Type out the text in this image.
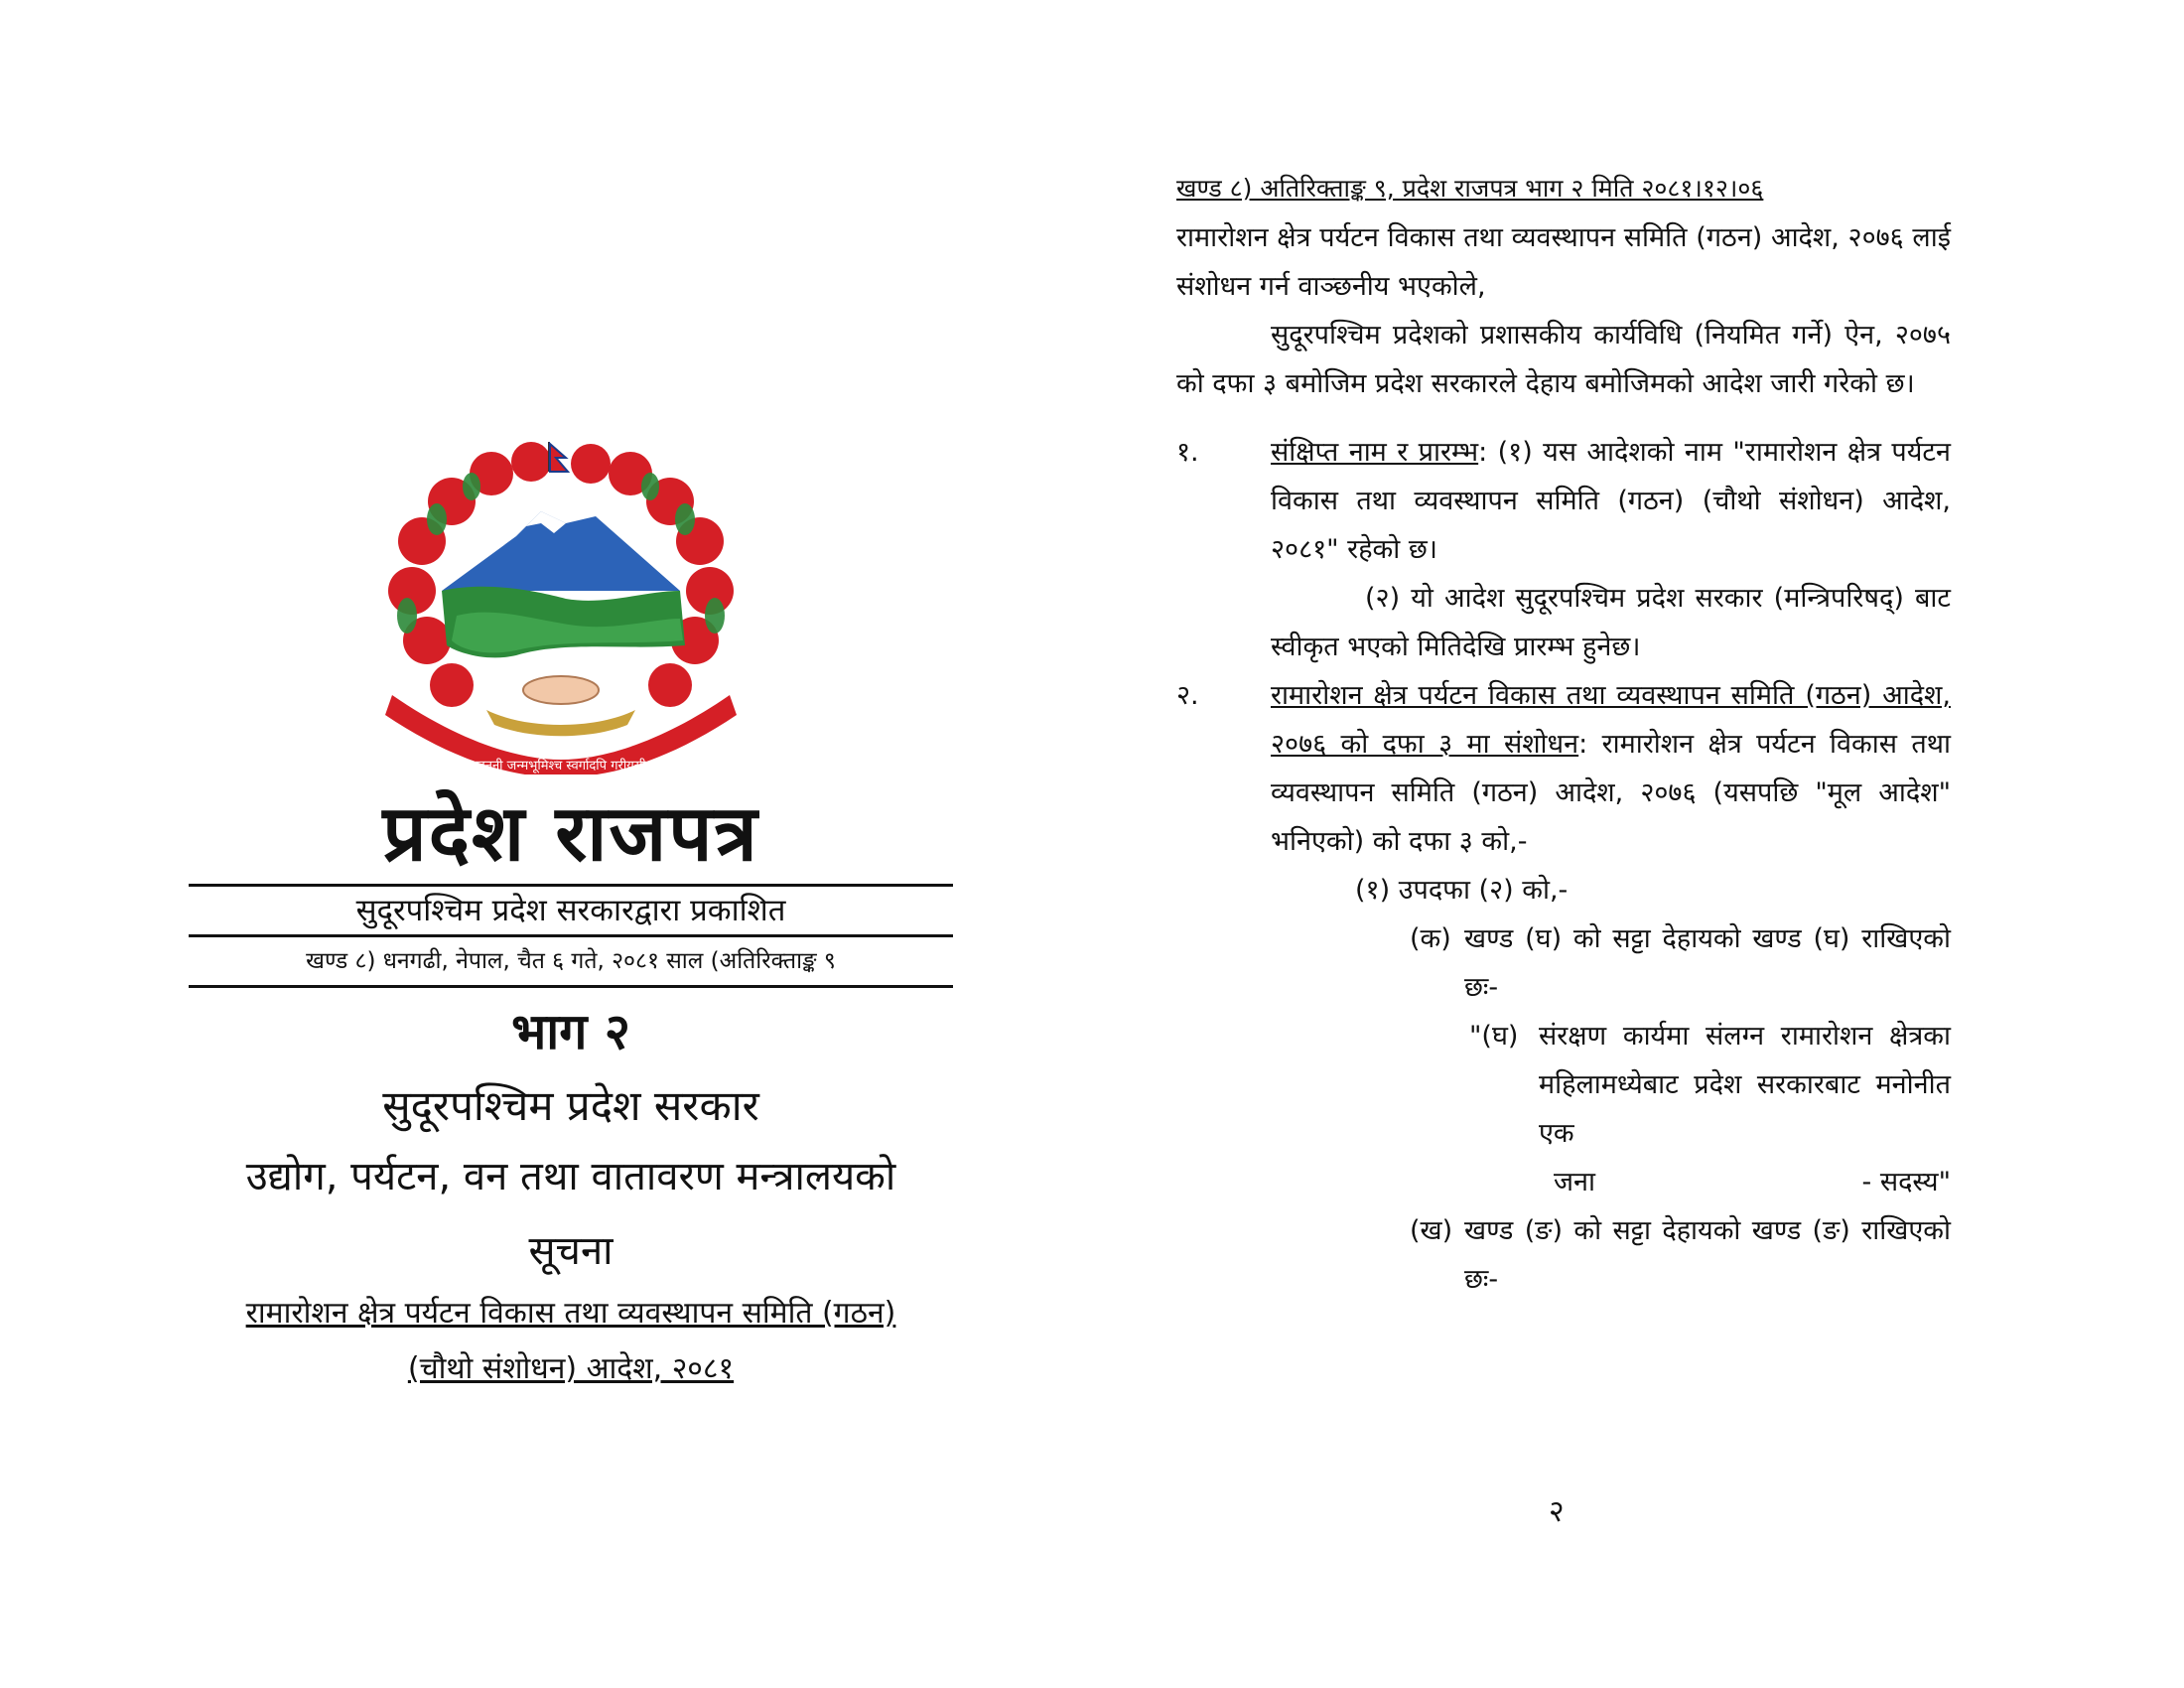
जननी जन्मभूमिश्च स्वर्गादपि गरीयसी
प्रदेश राजपत्र
सुदूरपश्चिम प्रदेश सरकारद्वारा प्रकाशित
खण्ड ८) धनगढी, नेपाल, चैत ६ गते, २०८१ साल (अतिरिक्ताङ्क ९
भाग २
सुदूरपश्चिम प्रदेश सरकार
उद्योग, पर्यटन, वन तथा वातावरण मन्त्रालयको
सूचना
रामारोशन क्षेत्र पर्यटन विकास तथा व्यवस्थापन समिति (गठन)
(चौथो संशोधन) आदेश, २०८१
खण्ड ८) अतिरिक्ताङ्क ९, प्रदेश राजपत्र भाग २ मिति २०८१।१२।०६
रामारोशन क्षेत्र पर्यटन विकास तथा व्यवस्थापन समिति (गठन) आदेश, २०७६ लाई संशोधन गर्न वाञ्छनीय भएकोले,
सुदूरपश्चिम प्रदेशको प्रशासकीय कार्यविधि (नियमित गर्ने) ऐन, २०७५ को दफा ३ बमोजिम प्रदेश सरकारले देहाय बमोजिमको आदेश जारी गरेको छ।
१.	संक्षिप्त नाम र प्रारम्भ: (१) यस आदेशको नाम "रामारोशन क्षेत्र पर्यटन विकास तथा व्यवस्थापन समिति (गठन) (चौथो संशोधन) आदेश, २०८१" रहेको छ।
(२) यो आदेश सुदूरपश्चिम प्रदेश सरकार (मन्त्रिपरिषद्) बाट स्वीकृत भएको मितिदेखि प्रारम्भ हुनेछ।
२.	रामारोशन क्षेत्र पर्यटन विकास तथा व्यवस्थापन समिति (गठन) आदेश, २०७६ को दफा ३ मा संशोधन: रामारोशन क्षेत्र पर्यटन विकास तथा व्यवस्थापन समिति (गठन) आदेश, २०७६ (यसपछि "मूल आदेश" भनिएको) को दफा ३ को,-
(१) उपदफा (२) को,-
(क) खण्ड (घ) को सट्टा देहायको खण्ड (घ) राखिएको छः-
"(घ) संरक्षण कार्यमा संलग्न रामारोशन क्षेत्रका महिलामध्येबाट प्रदेश सरकारबाट मनोनीत एक
जना	- सदस्य"
(ख) खण्ड (ङ) को सट्टा देहायको खण्ड (ङ) राखिएको छः-
२
